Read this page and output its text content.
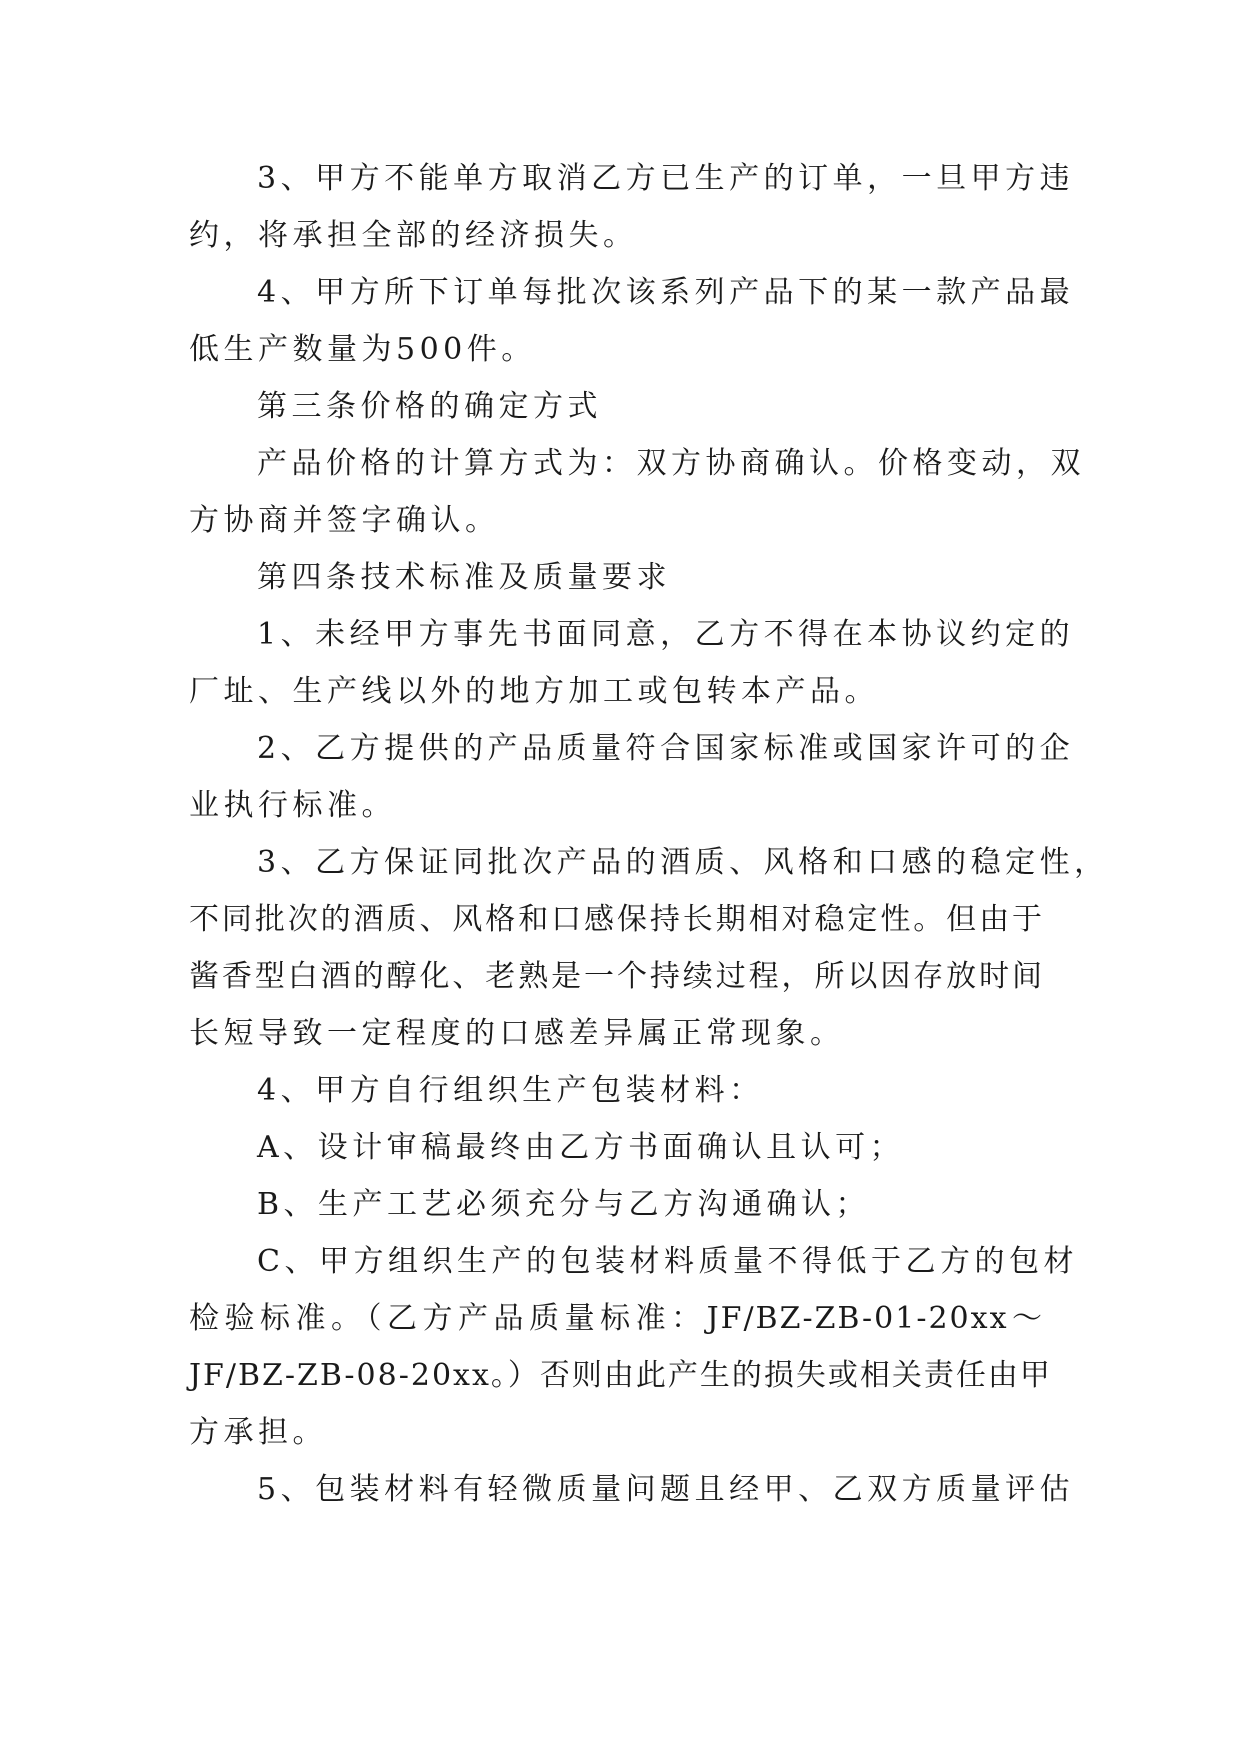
3、甲方不能单方取消乙方已生产的订单，一旦甲方违
约，将承担全部的经济损失。
4、甲方所下订单每批次该系列产品下的某一款产品最
低生产数量为500件。
第三条价格的确定方式
产品价格的计算方式为：双方协商确认。价格变动，双
方协商并签字确认。
第四条技术标准及质量要求
1、未经甲方事先书面同意，乙方不得在本协议约定的
厂址、生产线以外的地方加工或包转本产品。
2、乙方提供的产品质量符合国家标准或国家许可的企
业执行标准。
3、乙方保证同批次产品的酒质、风格和口感的稳定性，
不同批次的酒质、风格和口感保持长期相对稳定性。但由于
酱香型白酒的醇化、老熟是一个持续过程，所以因存放时间
长短导致一定程度的口感差异属正常现象。
4、甲方自行组织生产包装材料：
A、设计审稿最终由乙方书面确认且认可；
B、生产工艺必须充分与乙方沟通确认；
C、甲方组织生产的包装材料质量不得低于乙方的包材
检验标准。（乙方产品质量标准：JF/BZ-ZB-01-20xx～
JF/BZ-ZB-08-20xx。）否则由此产生的损失或相关责任由甲
方承担。
5、包装材料有轻微质量问题且经甲、乙双方质量评估
